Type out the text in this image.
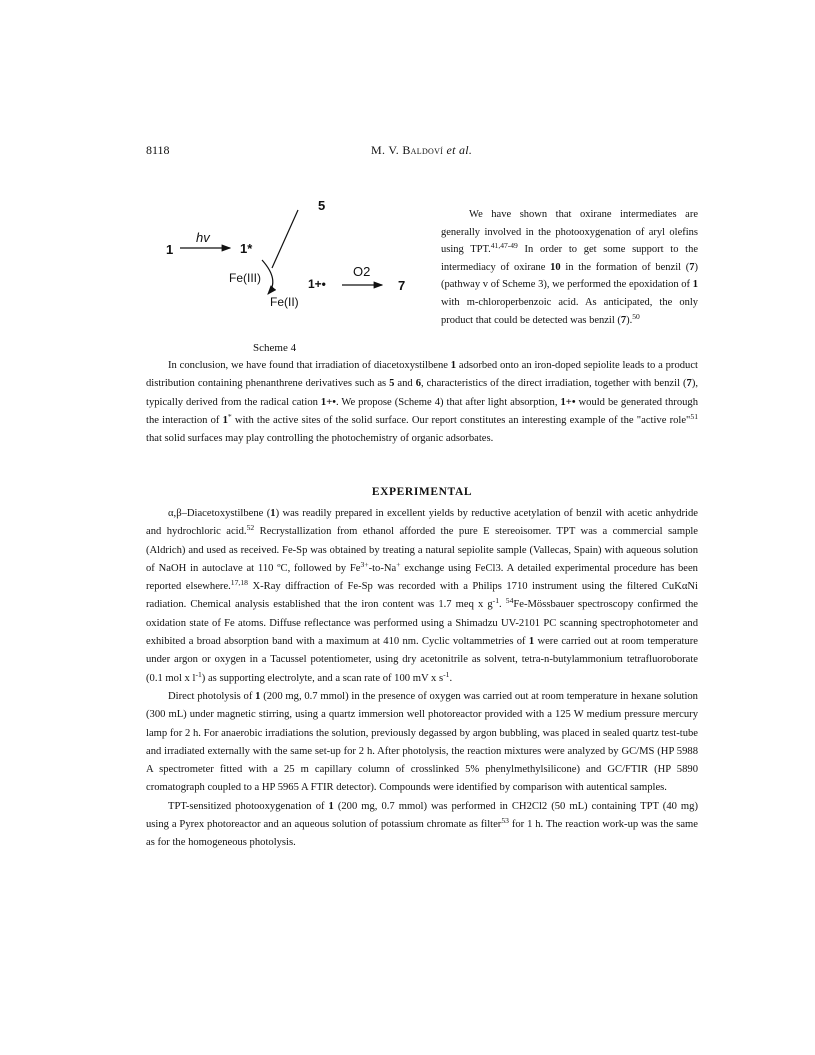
8118	M. V. Baldoví et al.
1
hv
1*
5
Fe(III)
Fe(II)
1+•
O2
7
We have shown that oxirane intermediates are generally involved in the photooxygenation of aryl olefins using TPT.$^{41,47-49}$ In order to get some support to the intermediacy of oxirane 10 in the formation of benzil (7) (pathway v of Scheme 3), we performed the epoxidation of 1 with m-chloroperbenzoic acid. As anticipated, the only product that could be detected was benzil (7).$^{50}$
Scheme 4

In conclusion, we have found that irradiation of diacetoxystilbene 1 adsorbed onto an iron-doped sepiolite leads to a product distribution containing phenanthrene derivatives such as 5 and 6, characteristics of the direct irradiation, together with benzil (7), typically derived from the radical cation 1+•. We propose (Scheme 4) that after light absorption, 1+• would be generated through the interaction of 1* with the active sites of the solid surface. Our report constitutes an interesting example of the "active role"$^{51}$ that solid surfaces may play controlling the photochemistry of organic adsorbates.

EXPERIMENTAL

α,β–Diacetoxystilbene (1) was readily prepared in excellent yields by reductive acetylation of benzil with acetic anhydride and hydrochloric acid.$^{52}$ Recrystallization from ethanol afforded the pure E stereoisomer. TPT was a commercial sample (Aldrich) and used as received. Fe-Sp was obtained by treating a natural sepiolite sample (Vallecas, Spain) with aqueous solution of NaOH in autoclave at 110 ºC, followed by $Fe^{3+}-to-Na^+$ exchange using FeCl3. A detailed experimental procedure has been reported elsewhere.$^{17,18}$ X-Ray diffraction of Fe-Sp was recorded with a Philips 1710 instrument using the filtered CuKαNi radiation. Chemical analysis established that the iron content was 1.7 meq x $g^{-1}$. $^{54}$Fe-Mössbauer spectroscopy confirmed the oxidation state of Fe atoms. Diffuse reflectance was performed using a Shimadzu UV-2101 PC scanning spectrophotometer and exhibited a broad absorption band with a maximum at 410 nm. Cyclic voltammetries of 1 were carried out at room temperature under argon or oxygen in a Tacussel potentiometer, using dry acetonitrile as solvent, tetra-n-butylammonium tetrafluoroborate (0.1 mol x $l^{-1}$) as supporting electrolyte, and a scan rate of 100 mV x $s^{-1}$.

Direct photolysis of 1 (200 mg, 0.7 mmol) in the presence of oxygen was carried out at room temperature in hexane solution (300 mL) under magnetic stirring, using a quartz immersion well photoreactor provided with a 125 W medium pressure mercury lamp for 2 h. For anaerobic irradiations the solution, previously degassed by argon bubbling, was placed in sealed quartz test-tube and irradiated externally with the same set-up for 2 h. After photolysis, the reaction mixtures were analyzed by GC/MS (HP 5988 A spectrometer fitted with a 25 m capillary column of crosslinked 5% phenylmethylsilicone) and GC/FTIR (HP 5890 cromatograph coupled to a HP 5965 A FTIR detector). Compounds were identified by comparison with autentical samples.

TPT-sensitized photooxygenation of 1 (200 mg, 0.7 mmol) was performed in CH2Cl2 (50 mL) containing TPT (40 mg) using a Pyrex photoreactor and an aqueous solution of potassium chromate as filter$^{53}$ for 1 h. The reaction work-up was the same as for the homogeneous photolysis.
